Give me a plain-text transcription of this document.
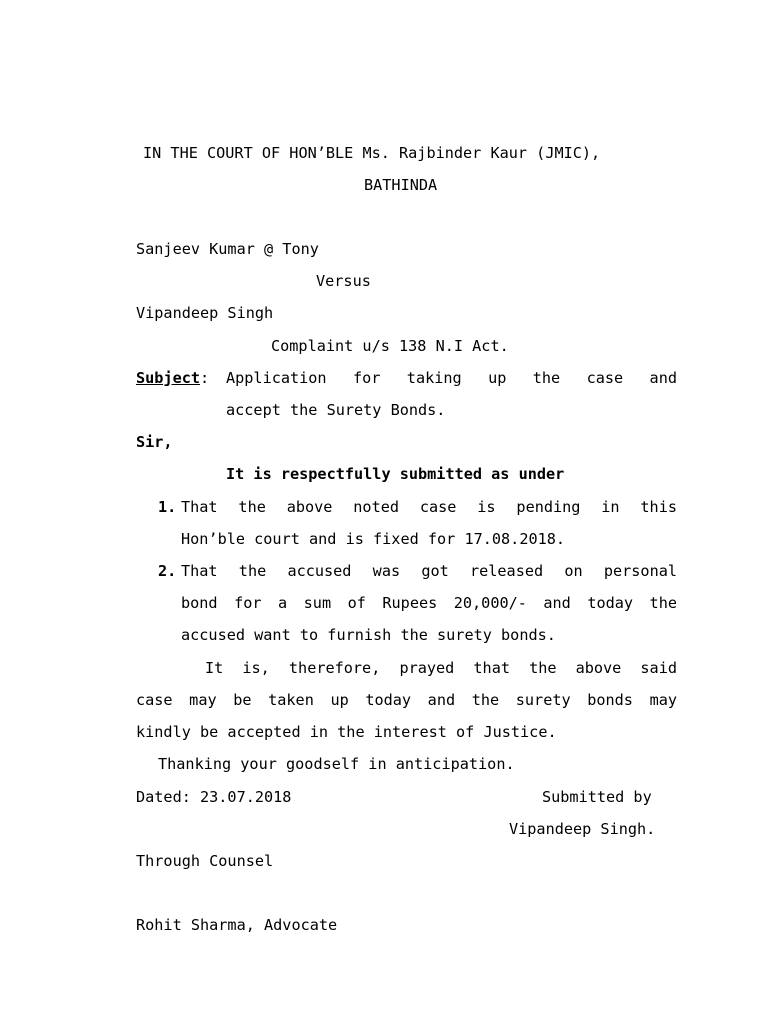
IN THE COURT OF HON’BLE Ms. Rajbinder Kaur (JMIC),
BATHINDA
Sanjeev Kumar @ Tony
Versus
Vipandeep Singh
Complaint u/s 138 N.I Act.
Subject: Application for taking up the case and
accept the Surety Bonds.
Sir,
It is respectfully submitted as under
1. That the above noted case is pending in this
Hon’ble court and is fixed for 17.08.2018.
2. That the accused was got released on personal
bond for a sum of Rupees 20,000/- and today the
accused want to furnish the surety bonds.
It is, therefore, prayed that the above said
case may be taken up today and the surety bonds may
kindly be accepted in the interest of Justice.
Thanking your goodself in anticipation.
Dated: 23.07.2018	Submitted by
Vipandeep Singh.
Through Counsel
Rohit Sharma, Advocate
